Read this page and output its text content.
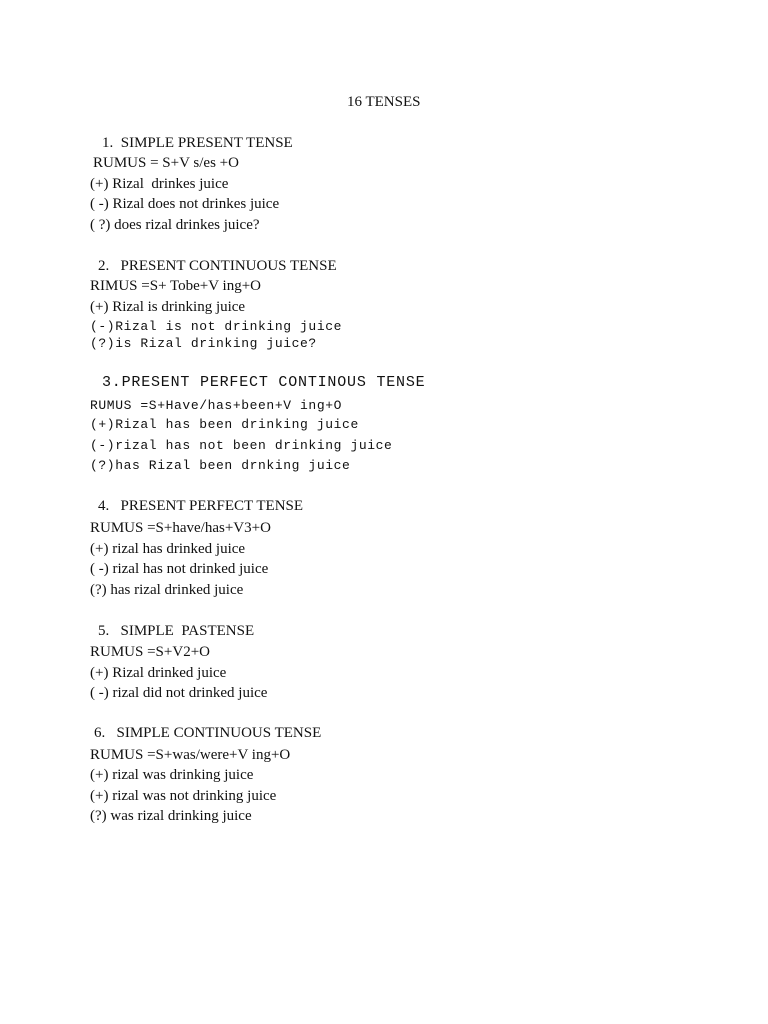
16 TENSES
1.  SIMPLE PRESENT TENSE
RUMUS = S+V s/es +O
(+) Rizal  drinkes juice
( -) Rizal does not drinkes juice
( ?) does rizal drinkes juice?
2.   PRESENT CONTINUOUS TENSE
RIMUS =S+ Tobe+V ing+O
(+) Rizal is drinking juice
(-)Rizal is not drinking juice
(?)is Rizal drinking juice?
3.PRESENT PERFECT CONTINOUS TENSE
RUMUS =S+Have/has+been+V ing+O
(+)Rizal has been drinking juice
(-)rizal has not been drinking juice
(?)has Rizal been drnking juice
4.   PRESENT PERFECT TENSE
RUMUS =S+have/has+V3+O
(+) rizal has drinked juice
( -) rizal has not drinked juice
(?) has rizal drinked juice
5.   SIMPLE  PASTENSE
RUMUS =S+V2+O
(+) Rizal drinked juice
( -) rizal did not drinked juice
6.   SIMPLE CONTINUOUS TENSE
RUMUS =S+was/were+V ing+O
(+) rizal was drinking juice
(+) rizal was not drinking juice
(?) was rizal drinking juice
